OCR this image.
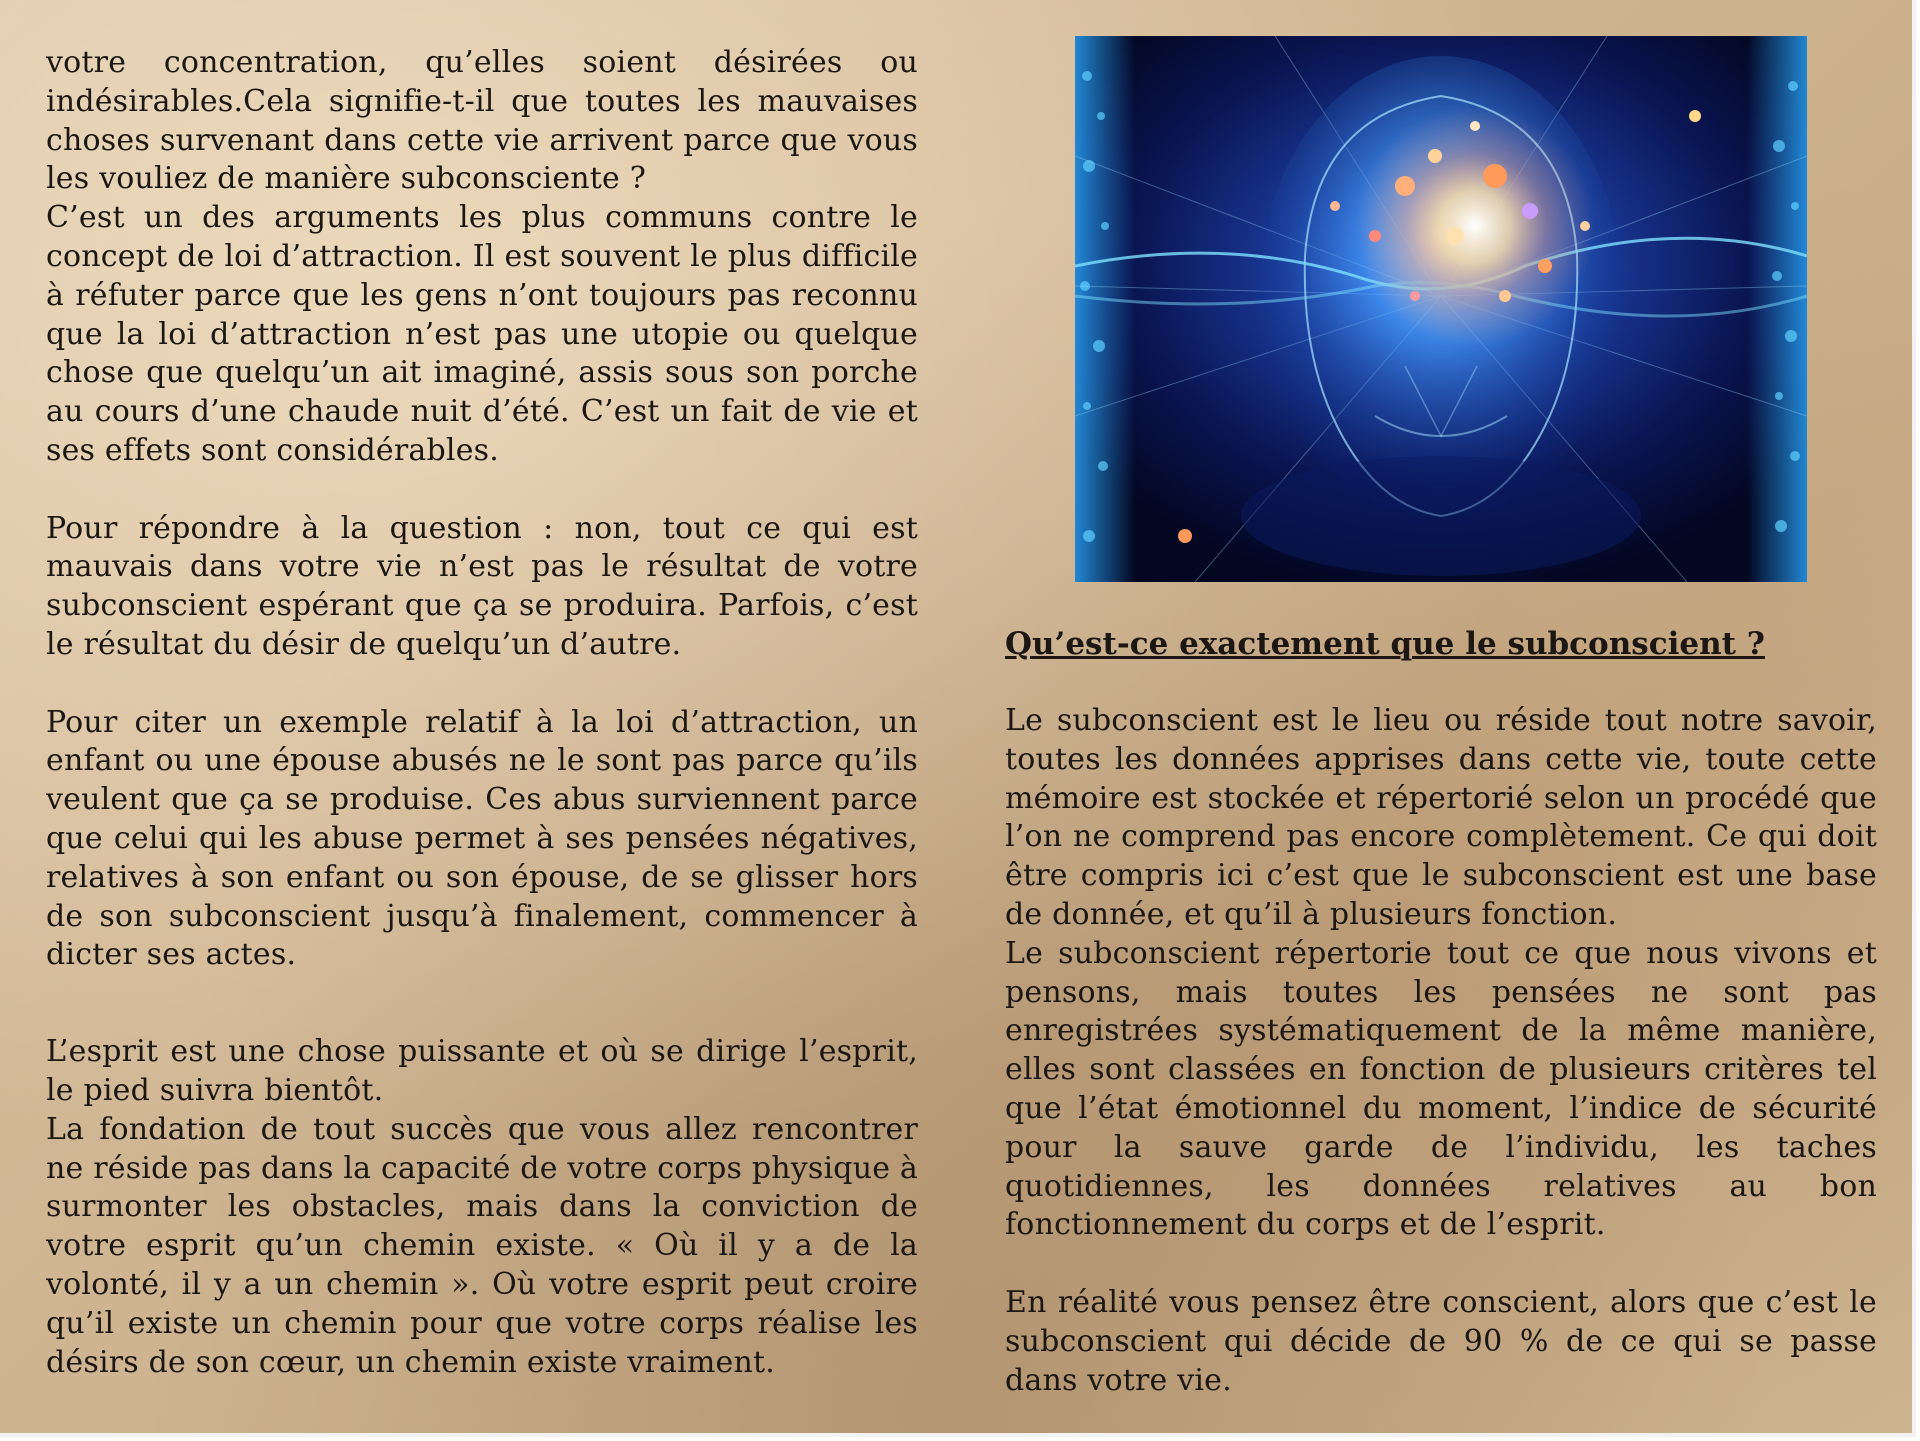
votre concentration, qu’elles soient désirées ou indésirables.Cela signifie-t-il que toutes les mauvaises choses survenant dans cette vie arrivent parce que vous les vouliez de manière subconsciente ?

C’est un des arguments les plus communs contre le concept de loi d’attraction. Il est souvent le plus difficile à réfuter parce que les gens n’ont toujours pas reconnu que la loi d’attraction n’est pas une utopie ou quelque chose que quelqu’un ait imaginé, assis sous son porche au cours d’une chaude nuit d’été. C’est un fait de vie et ses effets sont considérables.

Pour répondre à la question : non, tout ce qui est mauvais dans votre vie n’est pas le résultat de votre subconscient espérant que ça se produira. Parfois, c’est le résultat du désir de quelqu’un d’autre.

Pour citer un exemple relatif à la loi d’attraction, un enfant ou une épouse abusés ne le sont pas parce qu’ils veulent que ça se produise. Ces abus surviennent parce que celui qui les abuse permet à ses pensées négatives, relatives à son enfant ou son épouse, de se glisser hors de son subconscient jusqu’à finalement, commencer à dicter ses actes.

L’esprit est une chose puissante et où se dirige l’esprit, le pied suivra bientôt.

La fondation de tout succès que vous allez rencontrer ne réside pas dans la capacité de votre corps physique à surmonter les obstacles, mais dans la conviction de votre esprit qu’un chemin existe. « Où il y a de la volonté, il y a un chemin ». Où votre esprit peut croire qu’il existe un chemin pour que votre corps réalise les désirs de son cœur, un chemin existe vraiment.

Qu’est-ce exactement que le subconscient ?

Le subconscient est le lieu ou réside tout notre savoir, toutes les données apprises dans cette vie, toute cette mémoire est stockée et répertorié selon un procédé que l’on ne comprend pas encore complètement. Ce qui doit être compris ici c’est que le subconscient est une base de donnée, et qu’il à plusieurs fonction.

Le subconscient répertorie tout ce que nous vivons et pensons, mais toutes les pensées ne sont pas enregistrées systématiquement de la même manière, elles sont classées en fonction de plusieurs critères tel que l’état émotionnel du moment, l’indice de sécurité pour la sauve garde de l’individu, les taches quotidiennes, les données relatives au bon fonctionnement du corps et de l’esprit.

En réalité vous pensez être conscient, alors que c’est le subconscient qui décide de 90 % de ce qui se passe dans votre vie.
